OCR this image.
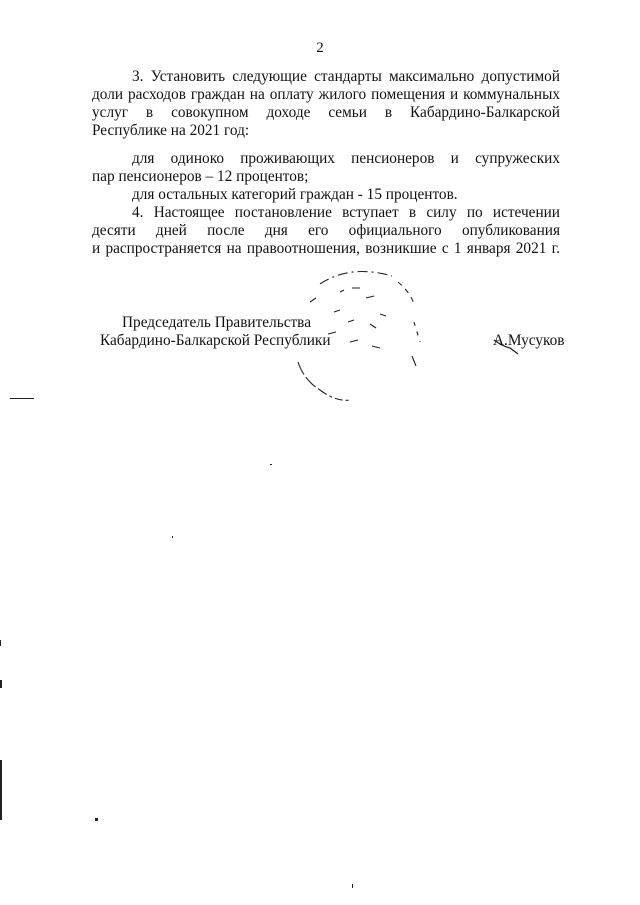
2
3. Установить следующие стандарты максимально допустимой
доли расходов граждан на оплату жилого помещения и коммунальных
услуг в совокупном доходе семьи в Кабардино-Балкарской
Республике на 2021 год:
для одиноко проживающих пенсионеров и супружеских
пар пенсионеров – 12 процентов;
для остальных категорий граждан - 15 процентов.
4. Настоящее постановление вступает в силу по истечении
десяти дней после дня его официального опубликования
и распространяется на правоотношения, возникшие с 1 января 2021 г.
Председатель Правительства
Кабардино-Балкарской Республики	А.Мусуков
